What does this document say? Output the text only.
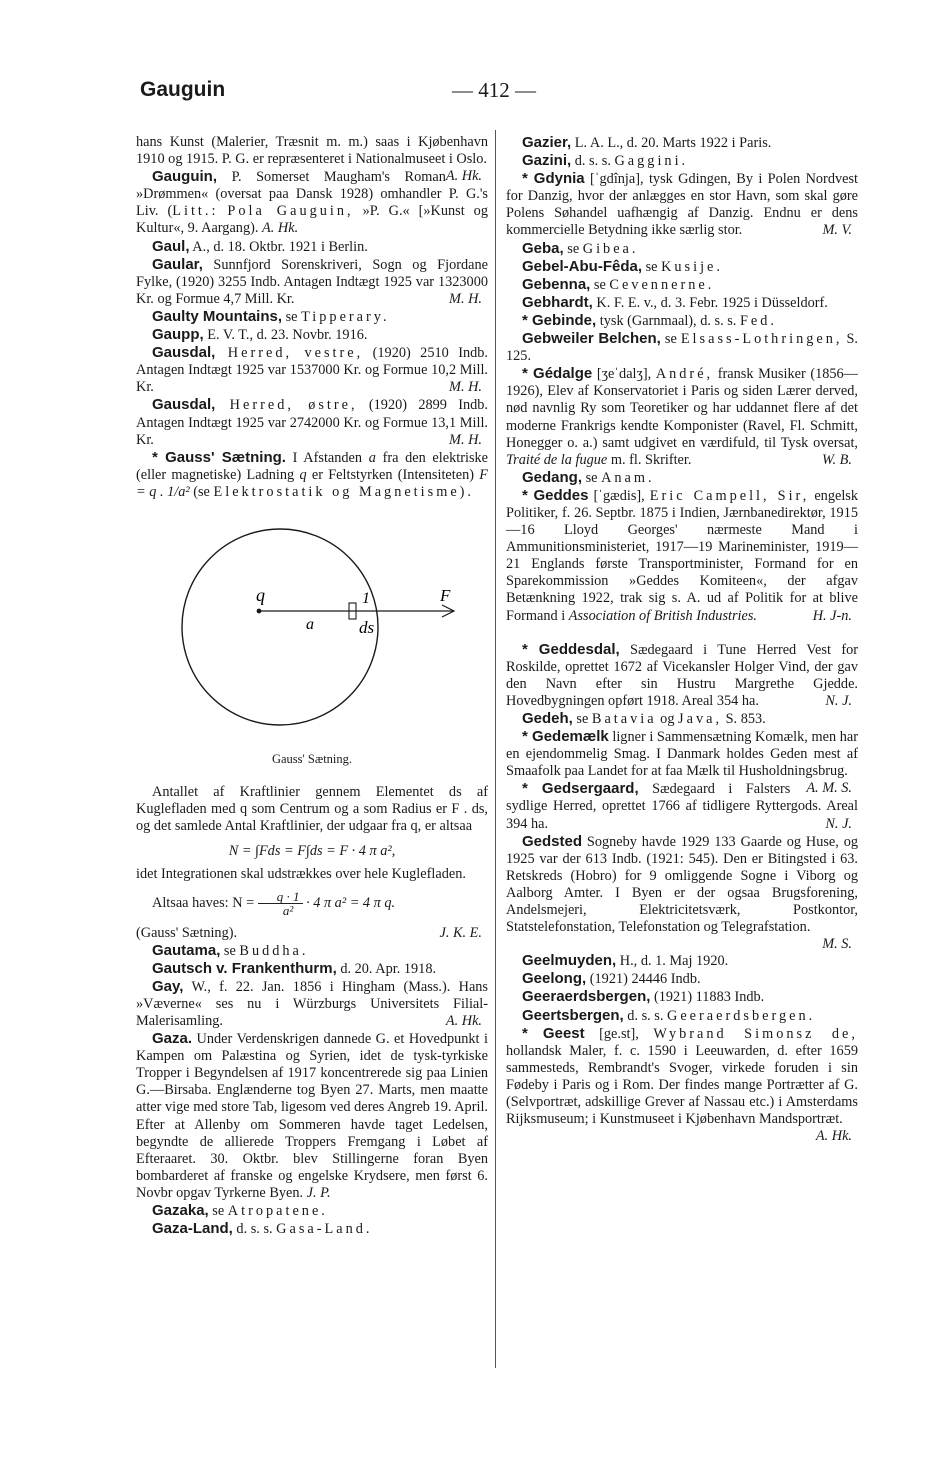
Gauguin	— 412 —

hans Kunst (Malerier, Træsnit m. m.) saas i Kjøbenhavn 1910 og 1915. P. G. er repræsenteret i Nationalmuseet i Oslo.
A. Hk.

Gauguin, P. Somerset Maugham's Roman »Drømmen« (oversat paa Dansk 1928) omhandler P. G.'s Liv. (Litt.: Pola Gauguin, »P. G.« [»Kunst og Kultur«, 9. Aargang). A. Hk.

Gaul, A., d. 18. Oktbr. 1921 i Berlin.

Gaular, Sunnfjord Sorenskriveri, Sogn og Fjordane Fylke, (1920) 3255 Indb. Antagen Indtægt 1925 var 1323000 Kr. og Formue 4,7 Mill. Kr.	M. H.

Gaulty Mountains, se Tipperary.

Gaupp, E. V. T., d. 23. Novbr. 1916.

Gausdal, Herred, vestre, (1920) 2510 Indb. Antagen Indtægt 1925 var 1537000 Kr. og Formue 10,2 Mill. Kr.	M. H.

Gausdal, Herred, østre, (1920) 2899 Indb. Antagen Indtægt 1925 var 2742000 Kr. og Formue 13,1 Mill. Kr.	M. H.

* Gauss' Sætning. I Afstanden a fra den elektriske (eller magnetiske) Ladning q er Feltstyrken (Intensiteten) F = q . 1/a² (se Elektrostatik og Magnetisme).

q
a
1
ds
F

Gauss' Sætning.

Antallet af Kraftlinier gennem Elementet ds af Kuglefladen med q som Centrum og a som Radius er F . ds, og det samlede Antal Kraftlinier, der udgaar fra q, er altsaa

N = ∫Fds = F∫ds = F · 4 π a²,

idet Integrationen skal udstrækkes over hele Kuglefladen.

Altsaa haves: $N = \frac{q \cdot 1}{\text{a²}} \cdot 4$ π a² = 4 π q.

(Gauss' Sætning).	J. K. E.

Gautama, se Buddha.

Gautsch v. Frankenthurm, d. 20. Apr. 1918.

Gay, W., f. 22. Jan. 1856 i Hingham (Mass.). Hans »Væverne« ses nu i Würzburgs Universitets Filial-Malerisamling.	A. Hk.

Gaza. Under Verdenskrigen dannede G. et Hovedpunkt i Kampen om Palæstina og Syrien, idet de tysk-tyrkiske Tropper i Begyndelsen af 1917 koncentrerede sig paa Linien G.—Birsaba. Englænderne tog Byen 27. Marts, men maatte atter vige med store Tab, ligesom ved deres Angreb 19. April. Efter at Allenby om Sommeren havde taget Ledelsen, begyndte de allierede Troppers Fremgang i Løbet af Efteraaret. 30. Oktbr. blev Stillingerne foran Byen bombarderet af franske og engelske Krydsere, men først 6. Novbr opgav Tyrkerne Byen. J. P.

Gazaka, se Atropatene.

Gaza-Land, d. s. s. Gasa-Land.

Gazier, L. A. L., d. 20. Marts 1922 i Paris.

Gazini, d. s. s. Gaggini.

* Gdynia [ˈgdînja], tysk Gdingen, By i Polen Nordvest for Danzig, hvor der anlægges en stor Havn, som skal gøre Polens Søhandel uafhængig af Danzig. Endnu er dens kommercielle Betydning ikke særlig stor.	M. V.

Geba, se Gibea.

Gebel-Abu-Fêda, se Kusije.

Gebenna, se Cevennerne.

Gebhardt, K. F. E. v., d. 3. Febr. 1925 i Düsseldorf.

* Gebinde, tysk (Garnmaal), d. s. s. Fed.

Gebweiler Belchen, se Elsass-Lothringen, S. 125.

* Gédalge [ʒeˈdalʒ], André, fransk Musiker (1856—1926), Elev af Konservatoriet i Paris og siden Lærer derved, nød navnlig Ry som Teoretiker og har uddannet flere af det moderne Frankrigs kendte Komponister (Ravel, Fl. Schmitt, Honegger o. a.) samt udgivet en værdifuld, til Tysk oversat, Traité de la fugue m. fl. Skrifter.	W. B.

Gedang, se Anam.

* Geddes [ˈgædis], Eric Campell, Sir, engelsk Politiker, f. 26. Septbr. 1875 i Indien, Jærnbanedirektør, 1915—16 Lloyd Georges' nærmeste Mand i Ammunitionsministeriet, 1917—19 Marineminister, 1919—21 Englands første Transportminister, Formand for en Sparekommission »Geddes Komiteen«, der afgav Betænkning 1922, trak sig s. A. ud af Politik for at blive Formand i Association of British Industries.	H. J-n.

* Geddesdal, Sædegaard i Tune Herred Vest for Roskilde, oprettet 1672 af Vicekansler Holger Vind, der gav den Navn efter sin Hustru Margrethe Gjedde. Hovedbygningen opført 1918. Areal 354 ha.	N. J.

Gedeh, se Batavia og Java, S. 853.

* Gedemælk ligner i Sammensætning Komælk, men har en ejendommelig Smag. I Danmark holdes Geden mest af Smaafolk paa Landet for at faa Mælk til Husholdningsbrug.
A. M. S.

* Gedsergaard, Sædegaard i Falsters sydlige Herred, oprettet 1766 af tidligere Ryttergods. Areal 394 ha.	N. J.

Gedsted Sogneby havde 1929 133 Gaarde og Huse, og 1925 var der 613 Indb. (1921: 545). Den er Bitingsted i 63. Retskreds (Hobro) for 9 omliggende Sogne i Viborg og Aalborg Amter. I Byen er der ogsaa Brugsforening, Andelsmejeri, Elektricitetsværk, Postkontor, Statstelefonstation, Telefonstation og Telegrafstation.
M. S.

Geelmuyden, H., d. 1. Maj 1920.

Geelong, (1921) 24446 Indb.

Geeraerdsbergen, (1921) 11883 Indb.

Geertsbergen, d. s. s. Geeraerdsbergen.

* Geest [ge.st], Wybrand Simonsz de, hollandsk Maler, f. c. 1590 i Leeuwarden, d. efter 1659 sammesteds, Rembrandt's Svoger, virkede foruden i sin Fødeby i Paris og i Rom. Der findes mange Portrætter af G. (Selvportræt, adskillige Grever af Nassau etc.) i Amsterdams Rijksmuseum; i Kunstmuseet i Kjøbenhavn Mandsportræt.
A. Hk.
